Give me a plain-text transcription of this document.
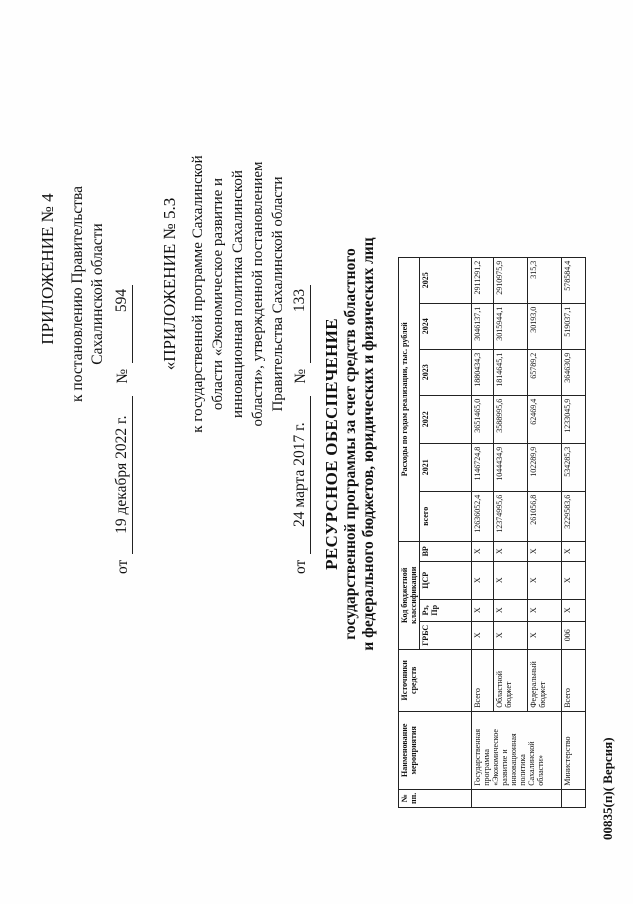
ПРИЛОЖЕНИЕ № 4 к постановлению Правительства Сахалинской области
от
19 декабря 2022 г.
№
594 «ПРИЛОЖЕНИЕ № 5.3 к государственной программе Сахалинской области «Экономическое развитие и инновационная политика Сахалинской области», утвержденной постановлением Правительства Сахалинской области
от
24 марта 2017 г.
№
133
РЕСУРСНОЕ ОБЕСПЕЧЕНИЕ государственной программы за счет средств областного и федерального бюджетов, юридических и физических лиц
№ пп.	Наименование мероприятия	Источники средств	Код бюджетной классификации				Расходы по годам реализации, тыс. рублей					
			ГРБС	Рз, Пр	ЦСР	ВР	всего	2021	2022	2023	2024	2025
	Государственная программа «Экономическое развитие и инновационная политика Сахалинской области»	Всего	Х	Х	Х	Х	12636052,4	1146724,8	3651465,0	1880434,3	3046137,1	2911291,2
		Областной бюджет	Х	Х	Х	Х	12374995,6	1044434,9	3588995,6	1814645,1	3015944,1	2910975,9
		Федеральный бюджет	Х	Х	Х	Х	261056,8	102289,9	62469,4	65789,2	30193,0	315,3
	Министерство	Всего	006	Х	Х	Х	3229583,6	534285,3	1233045,9	364630,9	519037,1	578584,4
00835(п)( Версия)
